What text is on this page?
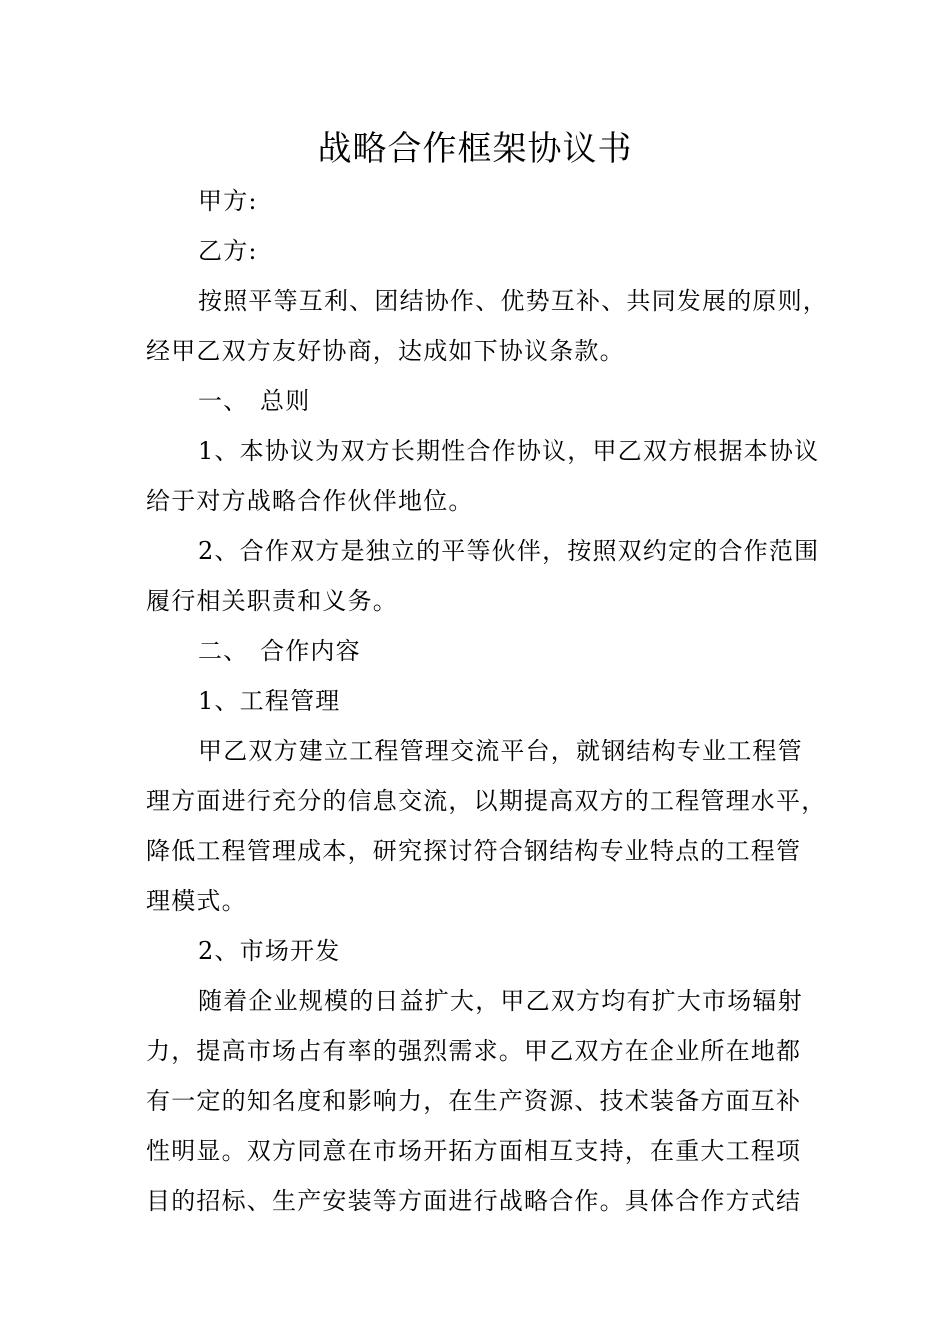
战略合作框架协议书
甲方:
乙方:
按照平等互利、团结协作、优势互补、共同发展的原则，
经甲乙双方友好协商，达成如下协议条款。
一、 总则
1、本协议为双方长期性合作协议，甲乙双方根据本协议
给于对方战略合作伙伴地位。
2、合作双方是独立的平等伙伴，按照双约定的合作范围
履行相关职责和义务。
二、 合作内容
1、工程管理
甲乙双方建立工程管理交流平台，就钢结构专业工程管
理方面进行充分的信息交流，以期提高双方的工程管理水平，
降低工程管理成本，研究探讨符合钢结构专业特点的工程管
理模式。
2、市场开发
随着企业规模的日益扩大，甲乙双方均有扩大市场辐射
力，提高市场占有率的强烈需求。甲乙双方在企业所在地都
有一定的知名度和影响力，在生产资源、技术装备方面互补
性明显。双方同意在市场开拓方面相互支持，在重大工程项
目的招标、生产安装等方面进行战略合作。具体合作方式结
